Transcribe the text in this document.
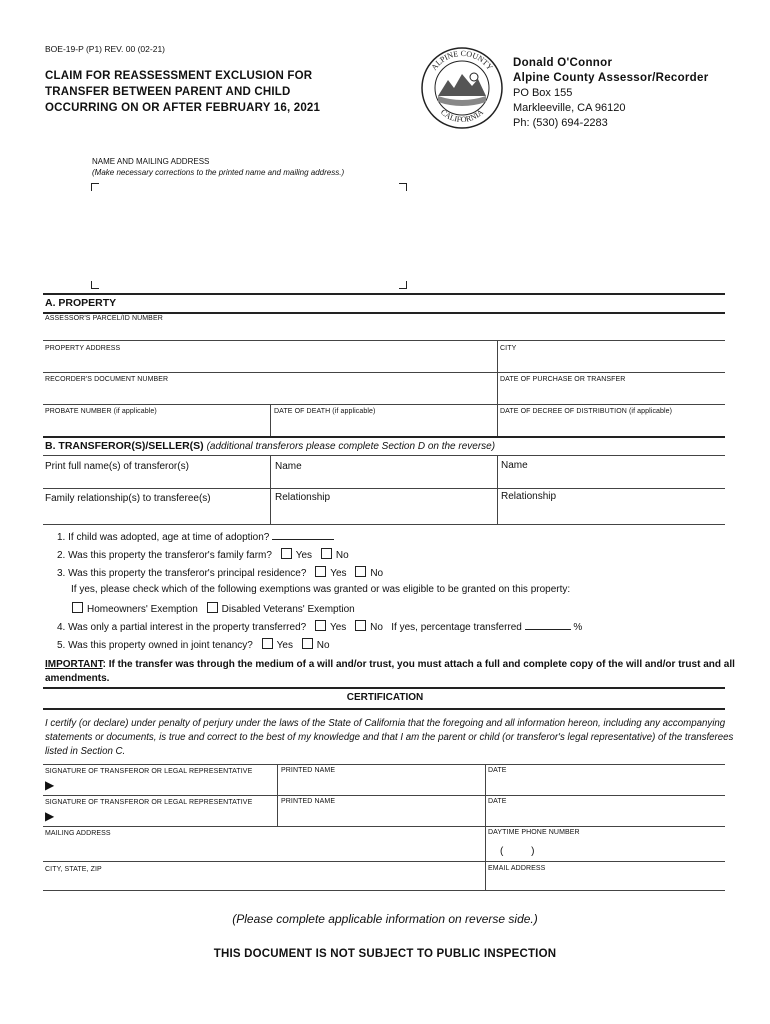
BOE-19-P (P1) REV. 00 (02-21)
CLAIM FOR REASSESSMENT EXCLUSION FOR
TRANSFER BETWEEN PARENT AND CHILD
OCCURRING ON OR AFTER FEBRUARY 16, 2021
ALPINE COUNTY
CALIFORNIA
Donald O'Connor
Alpine County Assessor/Recorder
PO Box 155
Markleeville, CA 96120
Ph: (530) 694-2283
NAME AND MAILING ADDRESS
(Make necessary corrections to the printed name and mailing address.)
A. PROPERTY
ASSESSOR'S PARCEL/ID NUMBER
PROPERTY ADDRESS	CITY
RECORDER'S DOCUMENT NUMBER	DATE OF PURCHASE OR TRANSFER
PROBATE NUMBER (if applicable)	DATE OF DEATH (if applicable)	DATE OF DECREE OF DISTRIBUTION (if applicable)
B. TRANSFEROR(S)/SELLER(S) (additional transferors please complete Section D on the reverse)
Print full name(s) of transferor(s)	Name	Name
Family relationship(s) to transferee(s)	Relationship	Relationship
1. If child was adopted, age at time of adoption?
2. Was this property the transferor's family farm? Yes No
3. Was this property the transferor's principal residence? Yes No
If yes, please check which of the following exemptions was granted or was eligible to be granted on this property:
Homeowners' Exemption Disabled Veterans' Exemption
4. Was only a partial interest in the property transferred? Yes No If yes, percentage transferred	%
5. Was this property owned in joint tenancy? Yes No
IMPORTANT: If the transfer was through the medium of a will and/or trust, you must attach a full and complete copy of the will and/or trust and all amendments.
CERTIFICATION
I certify (or declare) under penalty of perjury under the laws of the State of California that the foregoing and all information hereon, including any accompanying statements or documents, is true and correct to the best of my knowledge and that I am the parent or child (or transferor's legal representative) of the transferees listed in Section C.
SIGNATURE OF TRANSFEROR OR LEGAL REPRESENTATIVE
▶
PRINTED NAME	DATE
SIGNATURE OF TRANSFEROR OR LEGAL REPRESENTATIVE
▶
PRINTED NAME	DATE
MAILING ADDRESS	DAYTIME PHONE NUMBER
(          )
CITY, STATE, ZIP	EMAIL ADDRESS
(Please complete applicable information on reverse side.)
THIS DOCUMENT IS NOT SUBJECT TO PUBLIC INSPECTION
